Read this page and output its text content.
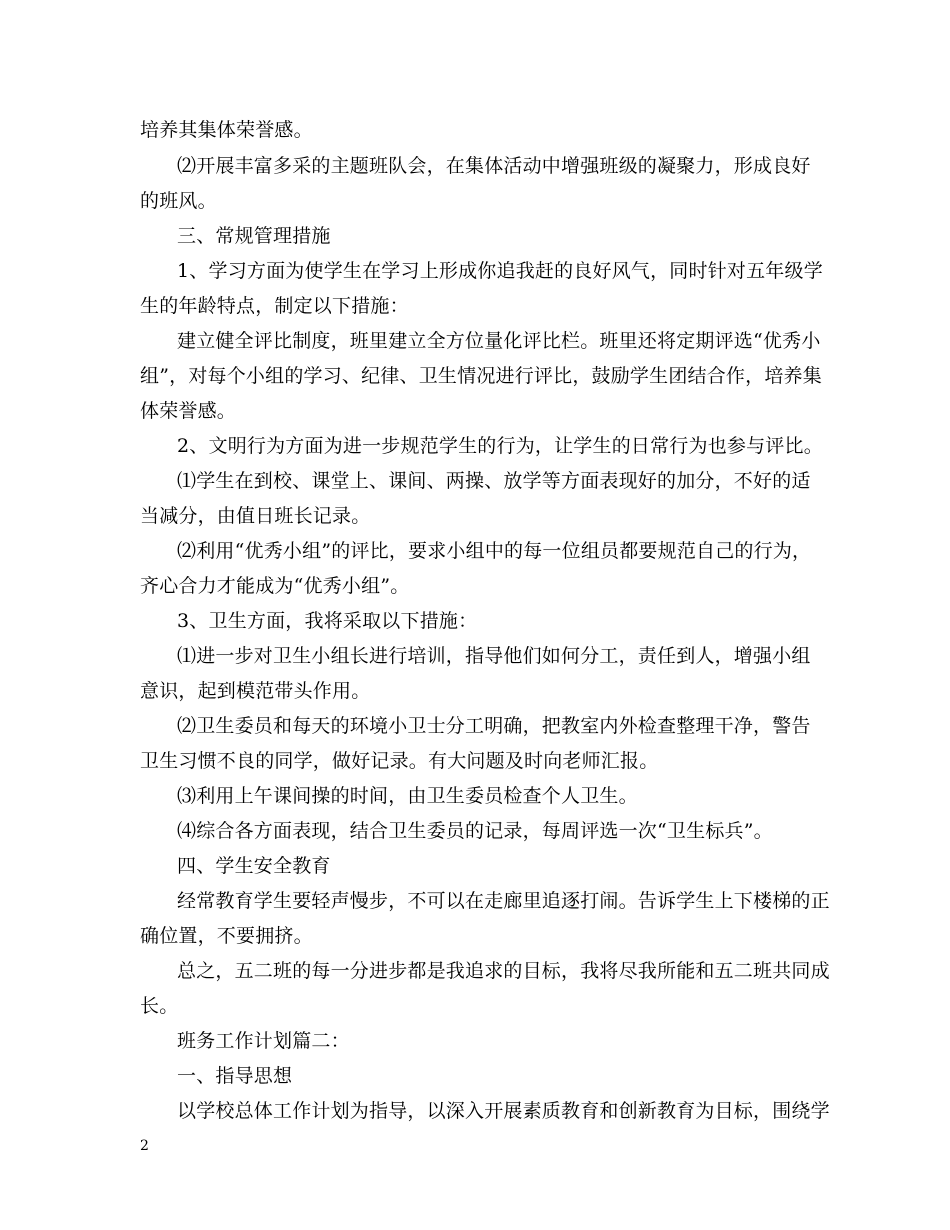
培养其集体荣誉感。
⑵开展丰富多采的主题班队会，在集体活动中增强班级的凝聚力，形成良好
的班风。
三、常规管理措施
1、学习方面为使学生在学习上形成你追我赶的良好风气，同时针对五年级学
生的年龄特点，制定以下措施：
建立健全评比制度，班里建立全方位量化评比栏。班里还将定期评选“优秀小
组”，对每个小组的学习、纪律、卫生情况进行评比，鼓励学生团结合作，培养集
体荣誉感。
2、文明行为方面为进一步规范学生的行为，让学生的日常行为也参与评比。
⑴学生在到校、课堂上、课间、两操、放学等方面表现好的加分，不好的适
当减分，由值日班长记录。
⑵利用“优秀小组”的评比，要求小组中的每一位组员都要规范自己的行为，
齐心合力才能成为“优秀小组”。
3、卫生方面，我将采取以下措施：
⑴进一步对卫生小组长进行培训，指导他们如何分工，责任到人，增强小组
意识，起到模范带头作用。
⑵卫生委员和每天的环境小卫士分工明确，把教室内外检查整理干净，警告
卫生习惯不良的同学，做好记录。有大问题及时向老师汇报。
⑶利用上午课间操的时间，由卫生委员检查个人卫生。
⑷综合各方面表现，结合卫生委员的记录，每周评选一次“卫生标兵”。
四、学生安全教育
经常教育学生要轻声慢步，不可以在走廊里追逐打闹。告诉学生上下楼梯的正
确位置，不要拥挤。
总之，五二班的每一分进步都是我追求的目标，我将尽我所能和五二班共同成
长。
班务工作计划篇二：
一、指导思想
以学校总体工作计划为指导，以深入开展素质教育和创新教育为目标，围绕学
2
